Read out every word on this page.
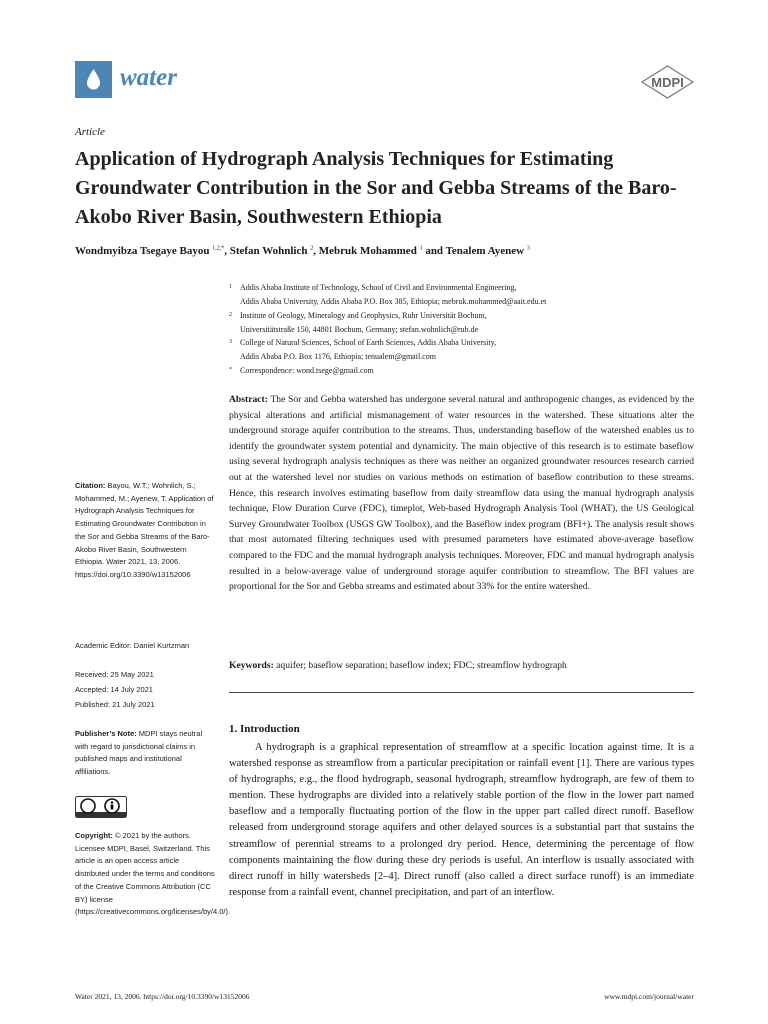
water	MDPI
Article
Application of Hydrograph Analysis Techniques for Estimating Groundwater Contribution in the Sor and Gebba Streams of the Baro-Akobo River Basin, Southwestern Ethiopia
Wondmyibza Tsegaye Bayou $^{1,2,*}$, Stefan Wohnlich $^2$, Mebruk Mohammed $^1$ and Tenalem Ayenew $^3$
1 Addis Ababa Institute of Technology, School of Civil and Environmental Engineering,
Addis Ababa University, Addis Ababa P.O. Box 385, Ethiopia; mebruk.mohammed@aait.edu.et
2 Institute of Geology, Mineralogy and Geophysics, Ruhr Universität Bochum,
Universitätstraße 150, 44801 Bochum, Germany; stefan.wohnlich@rub.de
3 College of Natural Sciences, School of Earth Sciences, Addis Ababa University,
Addis Ababa P.O. Box 1176, Ethiopia; tenualem@gmail.com
* Correspondence: wond.tsege@gmail.com
Abstract: The Sor and Gebba watershed has undergone several natural and anthropogenic changes, as evidenced by the physical alterations and artificial mismanagement of water resources in the watershed. These situations alter the underground storage aquifer contribution to the streams. Thus, understanding baseflow of the watershed enables us to identify the groundwater system potential and dynamicity. The main objective of this research is to estimate baseflow using several hydrograph analysis techniques as there was neither an organized groundwater resources research carried out at the watershed level nor studies on various methods on estimation of baseflow contribution to these streams. Hence, this research involves estimating baseflow from daily streamflow data using the manual hydrograph analysis technique, Flow Duration Curve (FDC), timeplot, Web-based Hydrograph Analysis Tool (WHAT), the US Geological Survey Groundwater Toolbox (USGS GW Toolbox), and the Baseflow index program (BFI+). The analysis result shows that most automated filtering techniques used with presumed parameters have estimated above-average baseflow compared to the FDC and the manual hydrograph analysis techniques. Moreover, FDC and manual hydrograph analysis resulted in a below-average value of underground storage aquifer contribution to streamflow. The BFI values are proportional for the Sor and Gebba streams and estimated about 33% for the entire watershed.
Keywords: aquifer; baseflow separation; baseflow index; FDC; streamflow hydrograph
Citation: Bayou, W.T.; Wohnlich, S.; Mohammed, M.; Ayenew, T. Application of Hydrograph Analysis Techniques for Estimating Groundwater Contribution in the Sor and Gebba Streams of the Baro-Akobo River Basin, Southwestern Ethiopia. Water 2021, 13, 2006. https://doi.org/10.3390/w13152006
Academic Editor: Daniel Kurtzman
Received: 25 May 2021
Accepted: 14 July 2021
Published: 21 July 2021
Publisher’s Note: MDPI stays neutral with regard to jurisdictional claims in published maps and institutional affiliations.
Copyright: © 2021 by the authors. Licensee MDPI, Basel, Switzerland. This article is an open access article distributed under the terms and conditions of the Creative Commons Attribution (CC BY) license (https://creativecommons.org/licenses/by/4.0/).
1. Introduction
A hydrograph is a graphical representation of streamflow at a specific location against time. It is a watershed response as streamflow from a particular precipitation or rainfall event [1]. There are various types of hydrographs, e.g., the flood hydrograph, seasonal hydrograph, streamflow hydrograph, are few of them to mention. These hydrographs are divided into a relatively stable portion of the flow in the lower part named baseflow and a temporally fluctuating portion of the flow in the upper part called direct runoff. Baseflow released from underground storage aquifers and other delayed sources is a substantial part that sustains the streamflow of perennial streams to a prolonged dry period. Hence, determining the percentage of flow components maintaining the flow during these dry periods is useful. An interflow is usually associated with direct runoff in hilly watersheds [2–4]. Direct runoff (also called a direct surface runoff) is an immediate response from a rainfall event, channel precipitation, and part of an interflow.
Water 2021, 13, 2006. https://doi.org/10.3390/w13152006	www.mdpi.com/journal/water
